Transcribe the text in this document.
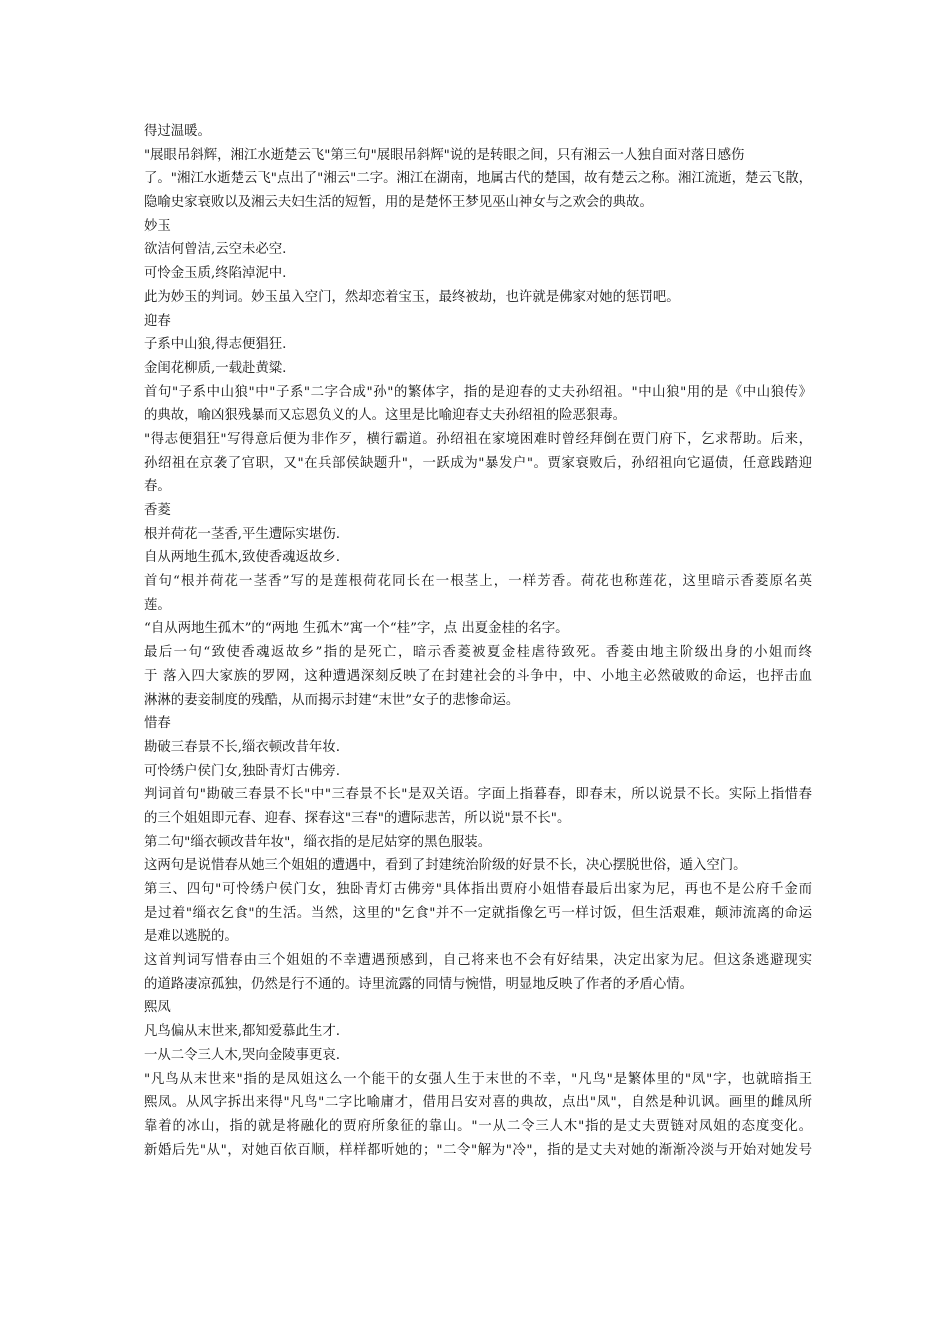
得过温暖。
"展眼吊斜辉，湘江水逝楚云飞"第三句"展眼吊斜辉"说的是转眼之间，只有湘云一人独自面对落日感伤
了。"湘江水逝楚云飞"点出了"湘云"二字。湘江在湖南，地属古代的楚国，故有楚云之称。湘江流逝，楚云飞散，
隐喻史家衰败以及湘云夫妇生活的短暂，用的是楚怀王梦见巫山神女与之欢会的典故。
妙玉
欲洁何曾洁,云空未必空.
可怜金玉质,终陷淖泥中.
此为妙玉的判词。妙玉虽入空门，然却恋着宝玉，最终被劫，也许就是佛家对她的惩罚吧。
迎春
子系中山狼,得志便猖狂.
金闺花柳质,一载赴黄粱.
首句"子系中山狼"中"子系"二字合成"孙"的繁体字，指的是迎春的丈夫孙绍祖。"中山狼"用的是《中山狼传》
的典故，喻凶狠残暴而又忘恩负义的人。这里是比喻迎春丈夫孙绍祖的险恶狠毒。
"得志便猖狂"写得意后便为非作歹，横行霸道。孙绍祖在家境困难时曾经拜倒在贾门府下，乞求帮助。后来，
孙绍祖在京袭了官职，又"在兵部侯缺题升"，一跃成为"暴发户"。贾家衰败后，孙绍祖向它逼债，任意践踏迎
春。
香菱
根并荷花一茎香,平生遭际实堪伤.
自从两地生孤木,致使香魂返故乡.
首句“根并荷花一茎香”写的是莲根荷花同长在一根茎上，一样芳香。荷花也称莲花，这里暗示香菱原名英
莲。
“自从两地生孤木”的“两地 生孤木”寓一个“桂”字，点 出夏金桂的名字。
最后一句“致使香魂返故乡”指的是死亡，暗示香菱被夏金桂虐待致死。香菱由地主阶级出身的小姐而终
于 落入四大家族的罗网，这种遭遇深刻反映了在封建社会的斗争中，中、小地主必然破败的命运，也抨击血
淋淋的妻妾制度的残酷，从而揭示封建“末世”女子的悲惨命运。
惜春
勘破三春景不长,缁衣顿改昔年妆.
可怜绣户侯门女,独卧青灯古佛旁.
判词首句"勘破三春景不长"中"三春景不长"是双关语。字面上指暮春，即春末，所以说景不长。实际上指惜春
的三个姐姐即元春、迎春、探春这"三春"的遭际悲苦，所以说"景不长"。
第二句"缁衣顿改昔年妆"，缁衣指的是尼姑穿的黑色服装。
这两句是说惜春从她三个姐姐的遭遇中，看到了封建统治阶级的好景不长，决心摆脱世俗，遁入空门。
第三、四句"可怜绣户侯门女，独卧青灯古佛旁"具体指出贾府小姐惜春最后出家为尼，再也不是公府千金而
是过着"缁衣乞食"的生活。当然，这里的"乞食"并不一定就指像乞丐一样讨饭，但生活艰难，颠沛流离的命运
是难以逃脱的。
这首判词写惜春由三个姐姐的不幸遭遇预感到，自己将来也不会有好结果，决定出家为尼。但这条逃避现实
的道路凄凉孤独，仍然是行不通的。诗里流露的同情与惋惜，明显地反映了作者的矛盾心情。
熙凤
凡鸟偏从末世来,都知爱慕此生才.
一从二令三人木,哭向金陵事更哀.
"凡鸟从末世来"指的是凤姐这么一个能干的女强人生于末世的不幸，"凡鸟"是繁体里的"凤"字，也就暗指王
熙凤。从风字拆出来得"凡鸟"二字比喻庸才，借用吕安对喜的典故，点出"凤"，自然是种讥讽。画里的雌凤所
靠着的冰山，指的就是将融化的贾府所象征的靠山。"一从二令三人木"指的是丈夫贾链对凤姐的态度变化。
新婚后先"从"，对她百依百顺，样样都听她的；"二令"解为"冷"，指的是丈夫对她的渐渐冷淡与开始对她发号
